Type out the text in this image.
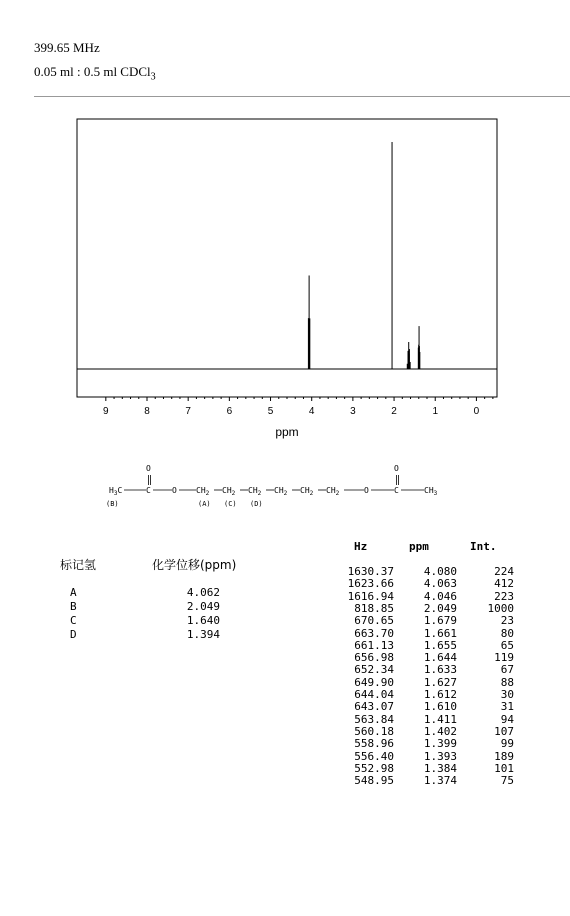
399.65 MHz
0.05 ml : 0.5 ml CDCl$_3$
9	8	7	6	5	4	3	2	1	0
ppm
$H_3C$	C
O
O $CH_2$ $CH_2$ $CH_2$ $CH_2$ $CH_2$ $CH_2$	O	C
O
$CH_3$
(B)	(A) (C) (D)
标记氢	化学位移(ppm)
A	4.062
B	2.049
C	1.640
D	1.394
Hz	ppm	Int.
1630.37	4.080	224
1623.66	4.063	412
1616.94	4.046	223
818.85	2.049	1000
670.65	1.679	23
663.70	1.661	80
661.13	1.655	65
656.98	1.644	119
652.34	1.633	67
649.90	1.627	88
644.04	1.612	30
643.07	1.610	31
563.84	1.411	94
560.18	1.402	107
558.96	1.399	99
556.40	1.393	189
552.98	1.384	101
548.95	1.374	75
